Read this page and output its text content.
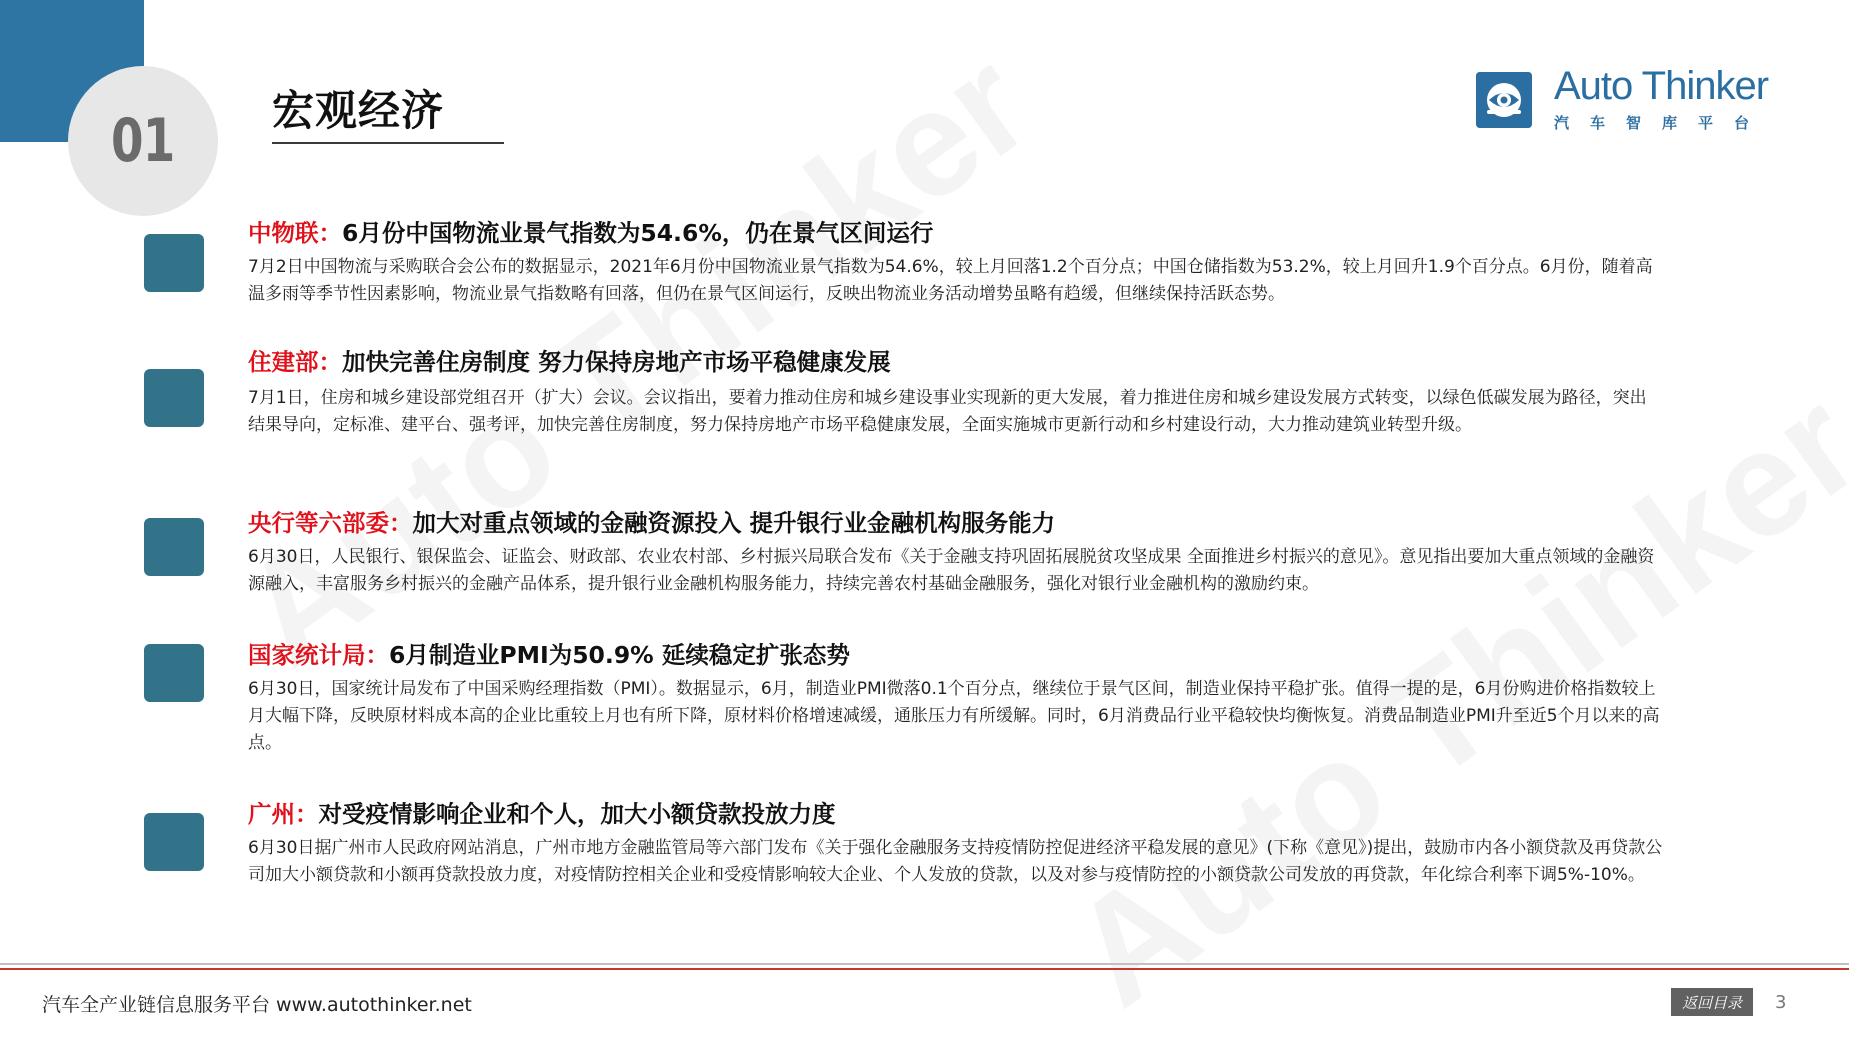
01 宏观经济	Auto Thinker
汽车智库平台
中物联：6月份中国物流业景气指数为54.6%，仍在景气区间运行
7月2日中国物流与采购联合会公布的数据显示，2021年6月份中国物流业景气指数为54.6%，较上月回落1.2个百分点；中国仓储指数为53.2%，较上月回升1.9个百分点。6月份，随着高温多雨等季节性因素影响，物流业景气指数略有回落，但仍在景气区间运行，反映出物流业务活动增势虽略有趋缓，但继续保持活跃态势。
住建部：加快完善住房制度 努力保持房地产市场平稳健康发展
7月1日，住房和城乡建设部党组召开（扩大）会议。会议指出，要着力推动住房和城乡建设事业实现新的更大发展，着力推进住房和城乡建设发展方式转变，以绿色低碳发展为路径，突出结果导向，定标准、建平台、强考评，加快完善住房制度，努力保持房地产市场平稳健康发展，全面实施城市更新行动和乡村建设行动，大力推动建筑业转型升级。
央行等六部委：加大对重点领域的金融资源投入 提升银行业金融机构服务能力
6月30日，人民银行、银保监会、证监会、财政部、农业农村部、乡村振兴局联合发布《关于金融支持巩固拓展脱贫攻坚成果 全面推进乡村振兴的意见》。意见指出要加大重点领域的金融资源融入，丰富服务乡村振兴的金融产品体系，提升银行业金融机构服务能力，持续完善农村基础金融服务，强化对银行业金融机构的激励约束。
国家统计局：6月制造业PMI为50.9% 延续稳定扩张态势
6月30日，国家统计局发布了中国采购经理指数（PMI）。数据显示，6月，制造业PMI微落0.1个百分点，继续位于景气区间，制造业保持平稳扩张。值得一提的是，6月份购进价格指数较上月大幅下降，反映原材料成本高的企业比重较上月也有所下降，原材料价格增速减缓，通胀压力有所缓解。同时，6月消费品行业平稳较快均衡恢复。消费品制造业PMI升至近5个月以来的高点。
广州：对受疫情影响企业和个人，加大小额贷款投放力度
6月30日据广州市人民政府网站消息，广州市地方金融监管局等六部门发布《关于强化金融服务支持疫情防控促进经济平稳发展的意见》(下称《意见》)提出，鼓励市内各小额贷款及再贷款公司加大小额贷款和小额再贷款投放力度，对疫情防控相关企业和受疫情影响较大企业、个人发放的贷款，以及对参与疫情防控的小额贷款公司发放的再贷款，年化综合利率下调5%-10%。
汽车全产业链信息服务平台 www.autothinker.net	返回目录	3
